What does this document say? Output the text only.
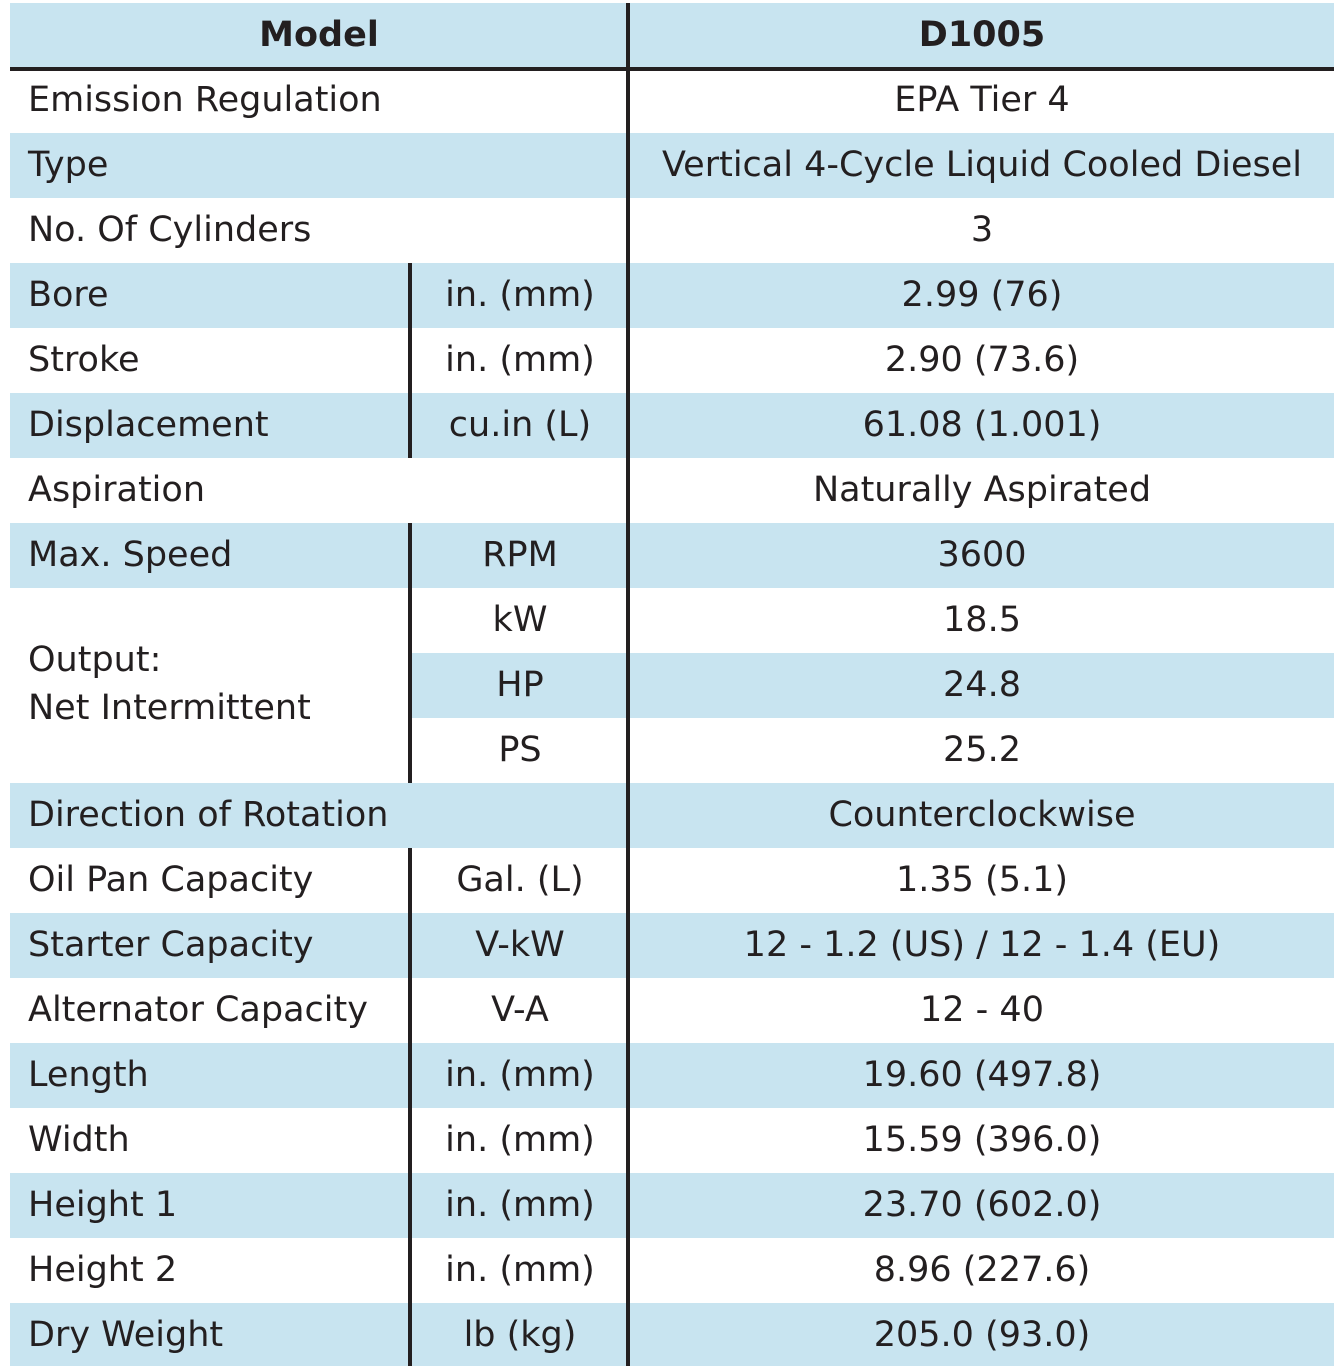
Model	D1005
Emission Regulation	EPA Tier 4
Type	Vertical 4-Cycle Liquid Cooled Diesel
No. Of Cylinders	3
Bore	in. (mm)	2.99 (76)
Stroke	in. (mm)	2.90 (73.6)
Displacement	cu.in (L)	61.08 (1.001)
Aspiration	Naturally Aspirated
Max. Speed	RPM	3600
Output:
Net Intermittent
kW	18.5
HP	24.8
PS	25.2
Direction of Rotation	Counterclockwise
Oil Pan Capacity	Gal. (L)	1.35 (5.1)
Starter Capacity	V-kW	12 - 1.2 (US) / 12 - 1.4 (EU)
Alternator Capacity	V-A	12 - 40
Length	in. (mm)	19.60 (497.8)
Width	in. (mm)	15.59 (396.0)
Height 1	in. (mm)	23.70 (602.0)
Height 2	in. (mm)	8.96 (227.6)
Dry Weight	lb (kg)	205.0 (93.0)
